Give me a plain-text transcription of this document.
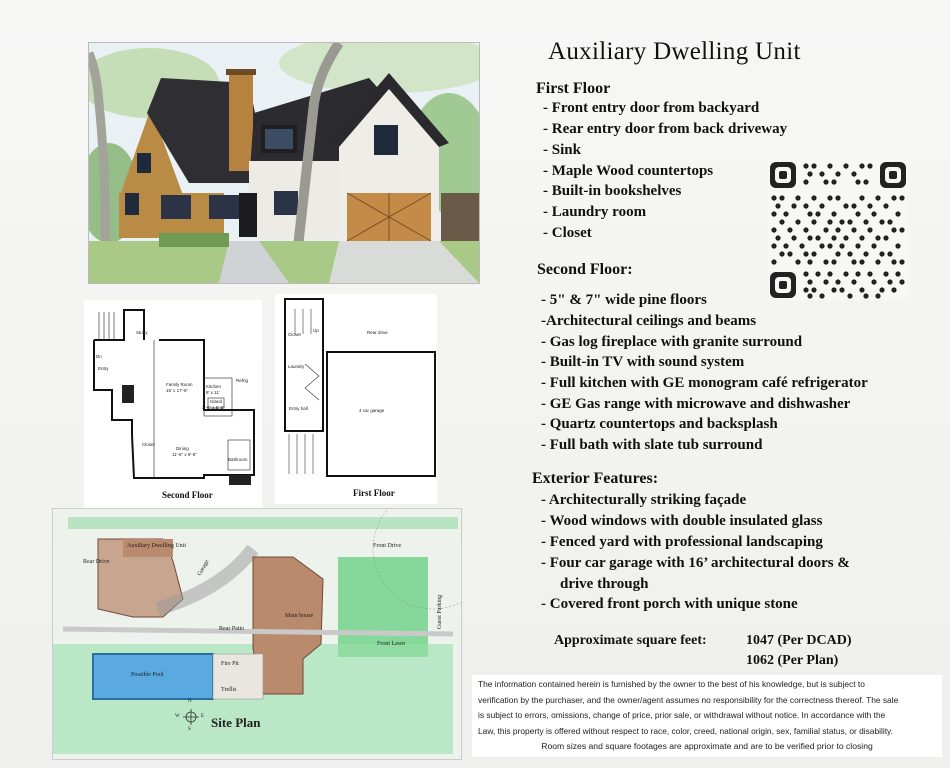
Study
Dn
Entry
Family Room
15' x 17'-6"
Kitchen
8' x 11'
Island
3'-6" x 5'-6"
Closet
Dining
11'-6" x 9'-6"
Bathroom
Refrig
Second Floor
Rear drive
Closet
Up
Laundry
Entry hall	4 car garage
First Floor
Rear Drive
Auxiliary Dwelling Unit
Garage
Front Drive
Rear Patio
Main house
Front Lawn
Guest Parking
Fire Pit
Possible Pool
Trellis
N
E
W
S Site Plan
Auxiliary Dwelling Unit
First Floor
- Front entry door from backyard
- Rear entry door from back driveway
- Sink
- Maple Wood countertops
- Built-in bookshelves
- Laundry room
- Closet
Second Floor:
- 5" & 7" wide pine floors
-Architectural ceilings and beams
- Gas log fireplace with granite surround
- Built-in TV with sound system
- Full kitchen with GE monogram café refrigerator
- GE Gas range with microwave and dishwasher
- Quartz countertops and backsplash
- Full bath with slate tub surround
Exterior Features:
- Architecturally striking façade
- Wood windows with double insulated glass
- Fenced yard with professional landscaping
- Four car garage with 16’ architectural doors &
drive through
- Covered front porch with unique stone
Approximate square feet:	1047 (Per DCAD)
1062 (Per Plan)
The information contained herein is furnished by the owner to the best of his knowledge, but is subject to
verification by the purchaser, and the owner/agent assumes no responsibility for the correctness thereof. The sale
is subject to errors, omissions, change of price, prior sale, or withdrawal without notice. In accordance with the
Law, this property is offered without respect to race, color, creed, national origin, sex, familial status, or disability.
Room sizes and square footages are approximate and are to be verified prior to closing
